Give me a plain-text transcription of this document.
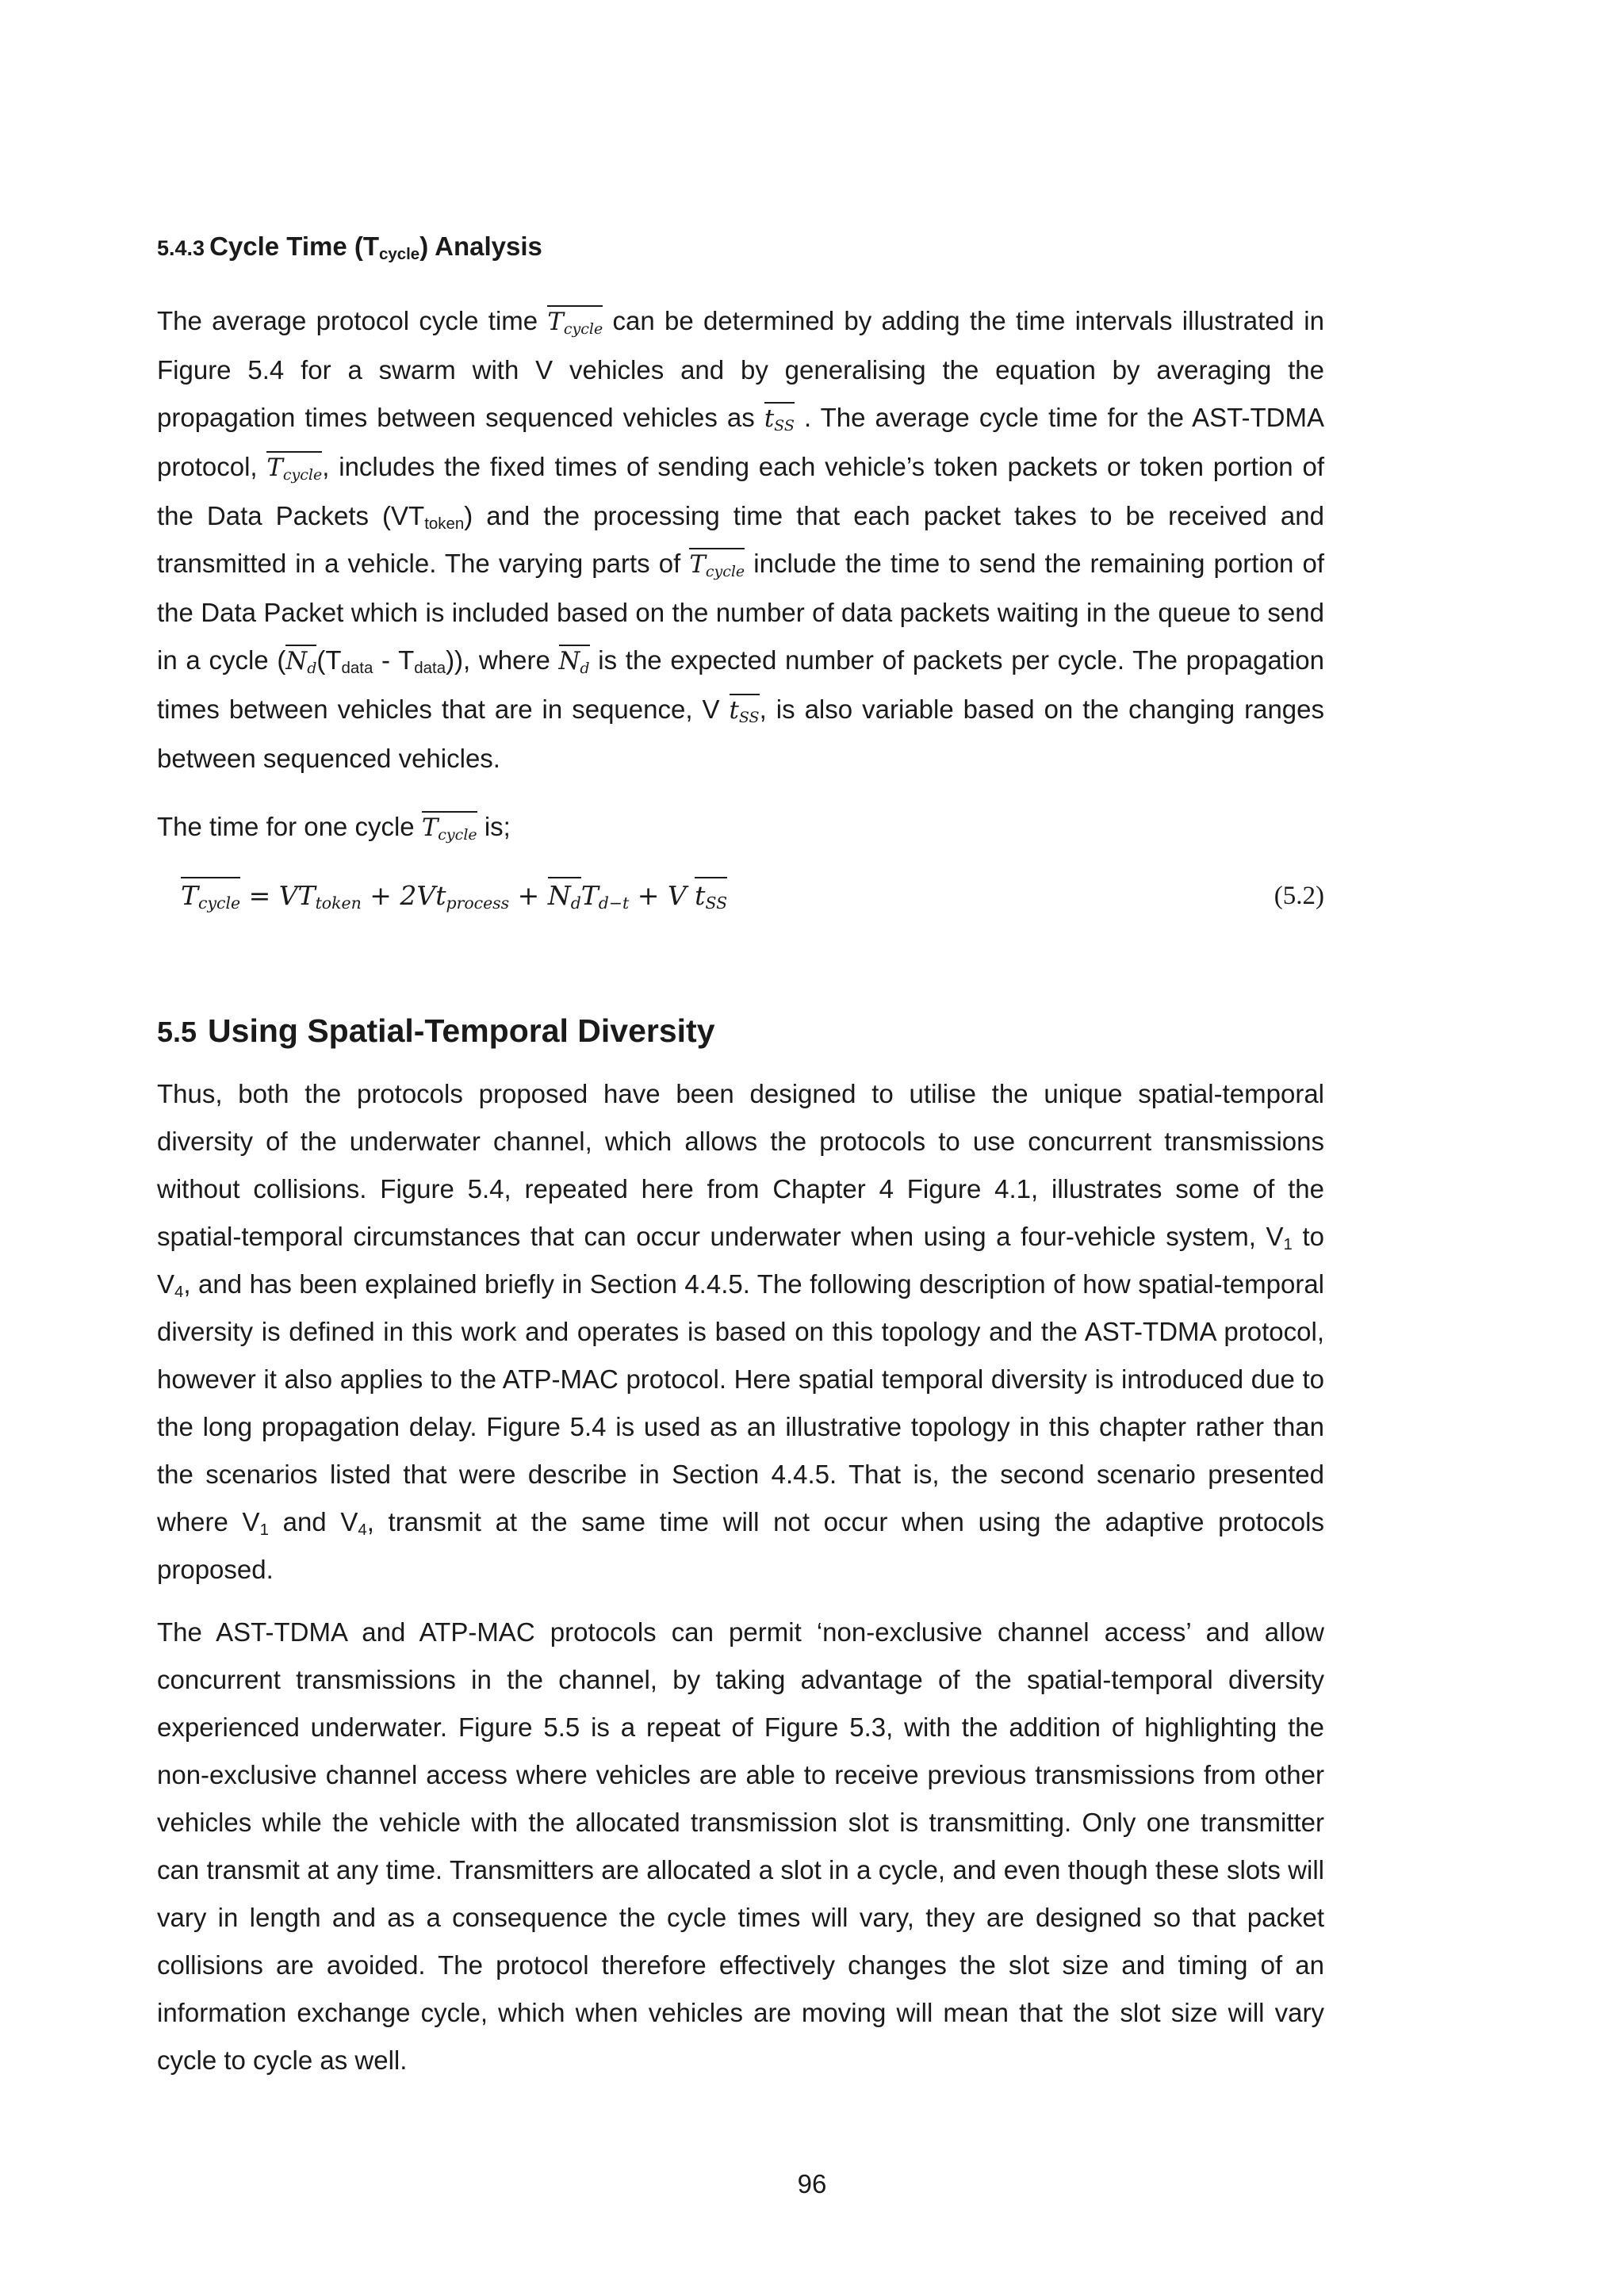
5.4.3 Cycle Time $(T_{cycle})$ Analysis

The average protocol cycle time $T_{cycle}$ can be determined by adding the time intervals illustrated in Figure 5.4 for a swarm with V vehicles and by generalising the equation by averaging the propagation times between sequenced vehicles as $t_{SS}$ . The average cycle time for the AST-TDMA protocol, $T_{cycle}$, includes the fixed times of sending each vehicle’s token packets or token portion of the Data Packets $(VT_{token})$ and the processing time that each packet takes to be received and transmitted in a vehicle. The varying parts of $T_{cycle}$ include the time to send the remaining portion of the Data Packet which is included based on the number of data packets waiting in the queue to send in a cycle $(N_d(T_{data} - T_{data}))$, where $N_d$ is the expected number of packets per cycle. The propagation times between vehicles that are in sequence, V $t_{SS}$, is also variable based on the changing ranges between sequenced vehicles.

The time for one cycle $T_{cycle}$ is;

$T_{cycle} = VT_{token} + 2Vt_{process} + N_dT_{d-t} + V$ $t_{SS}$	(5.2)
5.5 Using Spatial-Temporal Diversity

Thus, both the protocols proposed have been designed to utilise the unique spatial-temporal diversity of the underwater channel, which allows the protocols to use concurrent transmissions without collisions. Figure 5.4, repeated here from Chapter 4 Figure 4.1, illustrates some of the spatial-temporal circumstances that can occur underwater when using a four-vehicle system, $V_1$ to $V_4$, and has been explained briefly in Section 4.4.5. The following description of how spatial-temporal diversity is defined in this work and operates is based on this topology and the AST-TDMA protocol, however it also applies to the ATP-MAC protocol. Here spatial temporal diversity is introduced due to the long propagation delay. Figure 5.4 is used as an illustrative topology in this chapter rather than the scenarios listed that were describe in Section 4.4.5. That is, the second scenario presented where $V_1$ and $V_4$, transmit at the same time will not occur when using the adaptive protocols proposed.

The AST-TDMA and ATP-MAC protocols can permit ‘non-exclusive channel access’ and allow concurrent transmissions in the channel, by taking advantage of the spatial-temporal diversity experienced underwater. Figure 5.5 is a repeat of Figure 5.3, with the addition of highlighting the non-exclusive channel access where vehicles are able to receive previous transmissions from other vehicles while the vehicle with the allocated transmission slot is transmitting. Only one transmitter can transmit at any time. Transmitters are allocated a slot in a cycle, and even though these slots will vary in length and as a consequence the cycle times will vary, they are designed so that packet collisions are avoided. The protocol therefore effectively changes the slot size and timing of an information exchange cycle, which when vehicles are moving will mean that the slot size will vary cycle to cycle as well.

96
